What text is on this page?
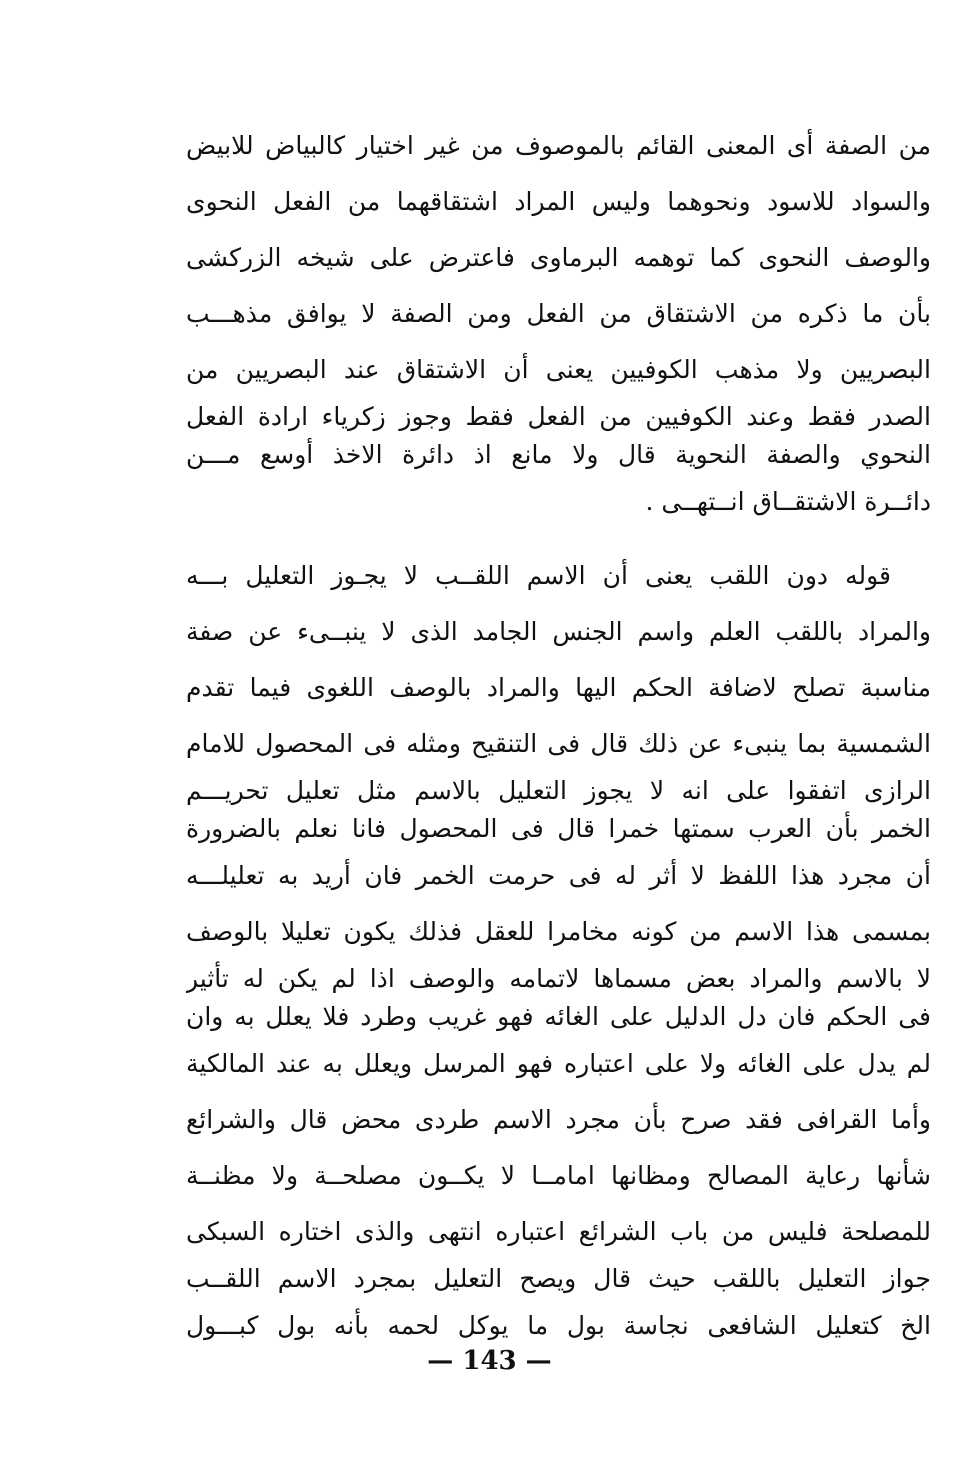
من الصفة أى المعنى القائم بالموصوف من غير اختيار كالبياض للابيض
والسواد للاسود ونحوهما وليس المراد اشتقاقهما من الفعل النحوى
والوصف النحوى كما توهمه البرماوى فاعترض على شيخه الزركشى
بأن ما ذكره من الاشتقاق من الفعل ومن الصفة لا يوافق مذهـــب
البصريين ولا مذهب الكوفيين يعنى أن الاشتقاق عند البصريين من
الصدر فقط وعند الكوفيين من الفعل فقط وجوز زكرياء ارادة الفعل
النحوي والصفة النحوية قال ولا مانع اذ دائرة الاخذ أوسع مـــن
دائــرة الاشتقــاق انــتهــى .
قوله دون اللقب يعنى أن الاسم اللقــب لا يجـوز التعليل بـــه
والمراد باللقب العلم واسم الجنس الجامد الذى لا ينبــىء عن صفة
مناسبة تصلح لاضافة الحكم اليها والمراد بالوصف اللغوى فيما تقدم
الشمسية بما ينبىء عن ذلك قال فى التنقيح ومثله فى المحصول للامام
الرازى اتفقوا على انه لا يجوز التعليل بالاسم مثل تعليل تحريـــم
الخمر بأن العرب سمتها خمرا قال فى المحصول فانا نعلم بالضرورة
أن مجرد هذا اللفظ لا أثر له فى حرمت الخمر فان أريد به تعليلـــه
بمسمى هذا الاسم من كونه مخامرا للعقل فذلك يكون تعليلا بالوصف
لا بالاسم والمراد بعض مسماها لاتمامه والوصف اذا لم يكن له تأثير
فى الحكم فان دل الدليل على الغائه فهو غريب وطرد فلا يعلل به وان
لم يدل على الغائه ولا على اعتباره فهو المرسل ويعلل به عند المالكية
وأما القرافى فقد صرح بأن مجرد الاسم طردى محض قال والشرائع
شأنها رعاية المصالح ومظانها امامــا لا يكــون مصلحــة ولا مظنــة
للمصلحة فليس من باب الشرائع اعتباره انتهى والذى اختاره السبكى
جواز التعليل باللقب حيث قال ويصح التعليل بمجرد الاسم اللقــب
الخ كتعليل الشافعى نجاسة بول ما يوكل لحمه بأنه بول كبـــول
— 143 —
